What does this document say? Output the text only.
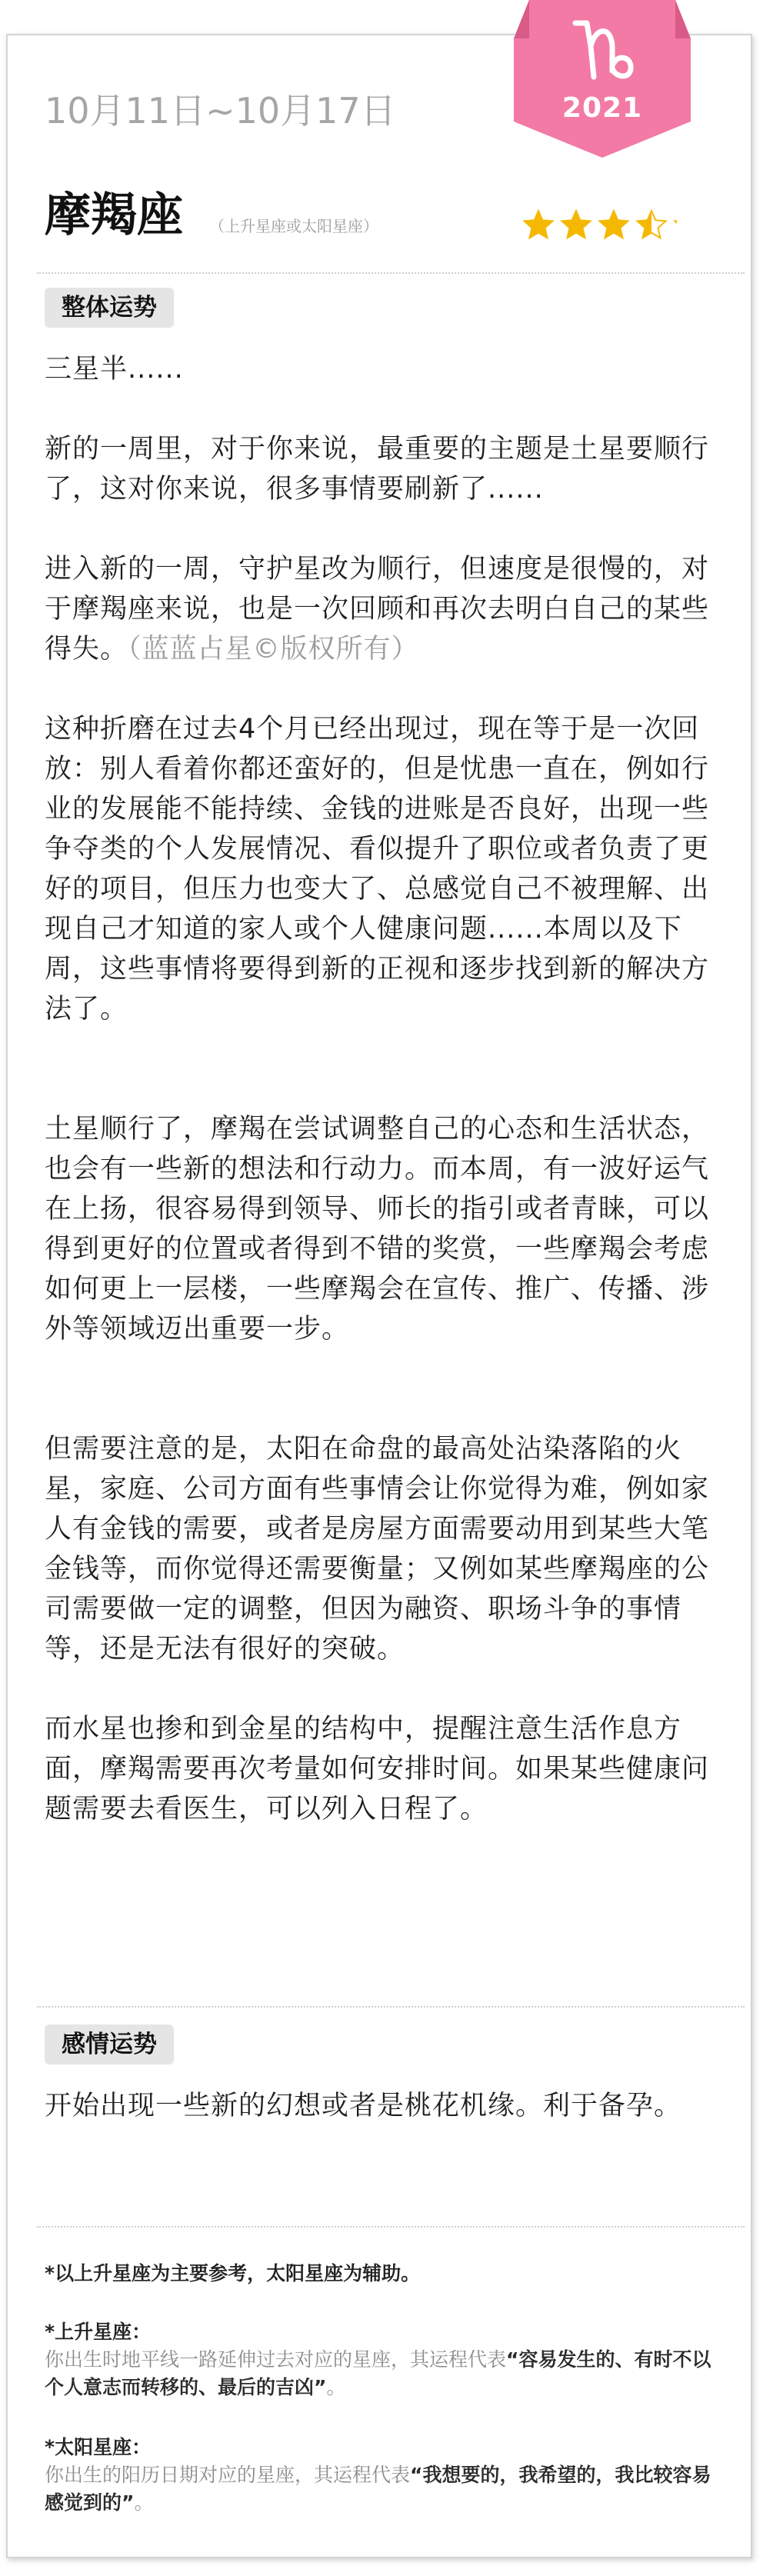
2021
10月11日~10月17日
摩羯座 （上升星座或太阳星座）
整体运势

三星半......

新的一周里，对于你来说，最重要的主题是土星要顺行了，这对你来说，很多事情要刷新了......

进入新的一周，守护星改为顺行，但速度是很慢的，对于摩羯座来说，也是一次回顾和再次去明白自己的某些得失。（蓝蓝占星©版权所有）

这种折磨在过去4个月已经出现过，现在等于是一次回放：别人看着你都还蛮好的，但是忧患一直在，例如行业的发展能不能持续、金钱的进账是否良好，出现一些争夺类的个人发展情况、看似提升了职位或者负责了更好的项目，但压力也变大了、总感觉自己不被理解、出现自己才知道的家人或个人健康问题......本周以及下周，这些事情将要得到新的正视和逐步找到新的解决方法了。

土星顺行了，摩羯在尝试调整自己的心态和生活状态，也会有一些新的想法和行动力。而本周，有一波好运气在上扬，很容易得到领导、师长的指引或者青睐，可以得到更好的位置或者得到不错的奖赏，一些摩羯会考虑如何更上一层楼，一些摩羯会在宣传、推广、传播、涉外等领域迈出重要一步。

但需要注意的是，太阳在命盘的最高处沾染落陷的火星，家庭、公司方面有些事情会让你觉得为难，例如家人有金钱的需要，或者是房屋方面需要动用到某些大笔金钱等，而你觉得还需要衡量；又例如某些摩羯座的公司需要做一定的调整，但因为融资、职场斗争的事情等，还是无法有很好的突破。

而水星也掺和到金星的结构中，提醒注意生活作息方面，摩羯需要再次考量如何安排时间。如果某些健康问题需要去看医生，可以列入日程了。

感情运势

开始出现一些新的幻想或者是桃花机缘。利于备孕。

*以上升星座为主要参考，太阳星座为辅助。

*上升星座：
你出生时地平线一路延伸过去对应的星座，其运程代表“容易发生的、有时不以个人意志而转移的、最后的吉凶”。

*太阳星座：
你出生的阳历日期对应的星座，其运程代表“我想要的，我希望的，我比较容易感觉到的”。
